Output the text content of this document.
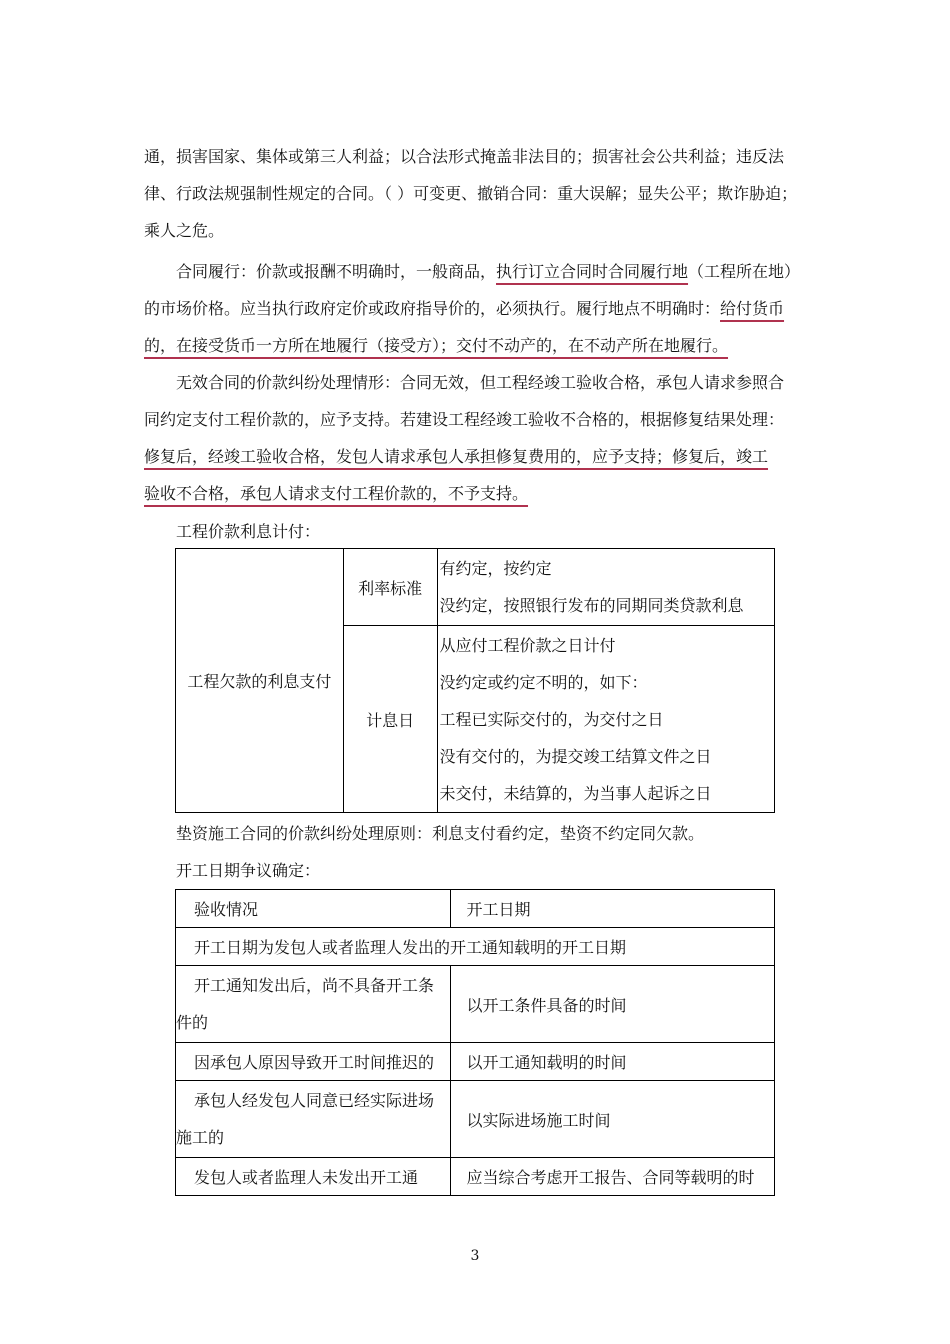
通，损害国家、集体或第三人利益；以合法形式掩盖非法目的；损害社会公共利益；违反法
律、行政法规强制性规定的合同。（ ）可变更、撤销合同：重大误解；显失公平；欺诈胁迫；
乘人之危。

合同履行：价款或报酬不明确时，一般商品，执行订立合同时合同履行地（工程所在地）
的市场价格。应当执行政府定价或政府指导价的，必须执行。履行地点不明确时：给付货币
的，在接受货币一方所在地履行（接受方）；交付不动产的，在不动产所在地履行。

无效合同的价款纠纷处理情形：合同无效，但工程经竣工验收合格，承包人请求参照合
同约定支付工程价款的，应予支持。若建设工程经竣工验收不合格的，根据修复结果处理：
修复后，经竣工验收合格，发包人请求承包人承担修复费用的，应予支持；修复后，竣工
验收不合格，承包人请求支付工程价款的，不予支持。

工程价款利息计付：

工程欠款的利息支付	利率标准	有约定，按约定
没约定，按照银行发布的同期同类贷款利息

	计息日	从应付工程价款之日计付
没约定或约定不明的，如下：
工程已实际交付的，为交付之日
没有交付的，为提交竣工结算文件之日
未交付，未结算的，为当事人起诉之日

垫资施工合同的价款纠纷处理原则：利息支付看约定，垫资不约定同欠款。

开工日期争议确定：

验收情况	开工日期
开工日期为发包人或者监理人发出的开工通知载明的开工日期	

开工通知发出后，尚不具备开工条
件的	以开工条件具备的时间
因承包人原因导致开工时间推迟的	以开工通知载明的时间

承包人经发包人同意已经实际进场
施工的	以实际进场施工时间
发包人或者监理人未发出开工通	应当综合考虑开工报告、合同等载明的时
3
